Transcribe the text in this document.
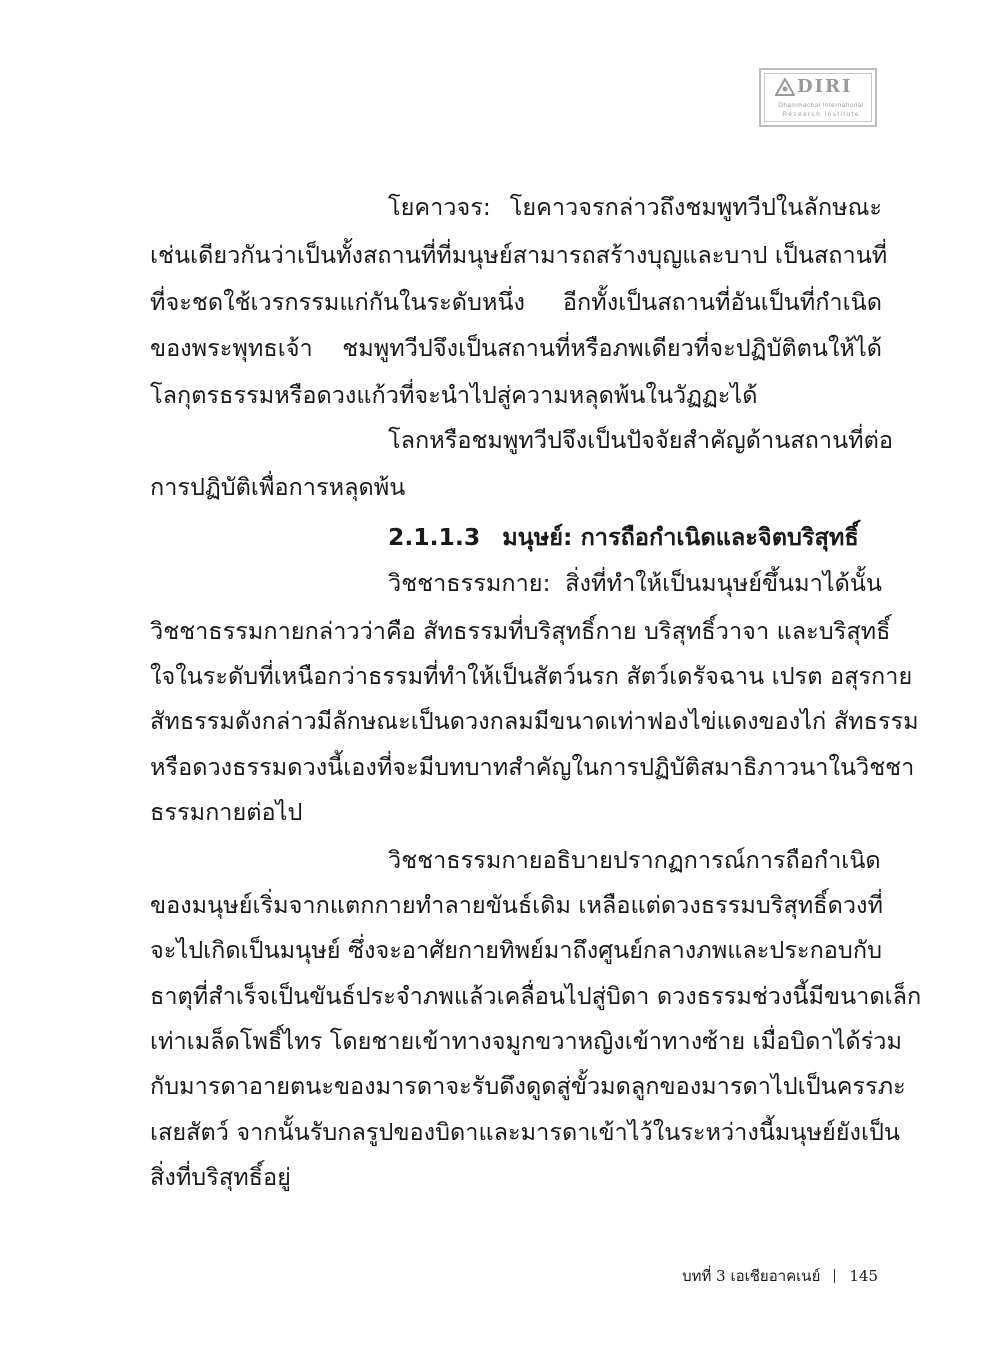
DIRI
Dhammachai International
Research Institute
โยคาวจร: โยคาวจรกล่าวถึงชมพูทวีปในลักษณะ
เช่นเดียวกันว่าเป็นทั้งสถานที่ที่มนุษย์สามารถสร้างบุญและบาป เป็นสถานที่
ที่จะชดใช้เวรกรรมแก่กันในระดับหนึ่ง อีกทั้งเป็นสถานที่อันเป็นที่กำเนิด
ของพระพุทธเจ้า ชมพูทวีปจึงเป็นสถานที่หรือภพเดียวที่จะปฏิบัติตนให้ได้
โลกุตรธรรมหรือดวงแก้วที่จะนำไปสู่ความหลุดพ้นในวัฏฏะได้
โลกหรือชมพูทวีปจึงเป็นปัจจัยสำคัญด้านสถานที่ต่อ
การปฏิบัติเพื่อการหลุดพ้น
2.1.1.3 มนุษย์: การถือกำเนิดและจิตบริสุทธิ์
วิชชาธรรมกาย: สิ่งที่ทำให้เป็นมนุษย์ขึ้นมาได้นั้น
วิชชาธรรมกายกล่าวว่าคือ สัทธรรมที่บริสุทธิ์กาย บริสุทธิ์วาจา และบริสุทธิ์
ใจในระดับที่เหนือกว่าธรรมที่ทำให้เป็นสัตว์นรก สัตว์เดรัจฉาน เปรต อสุรกาย
สัทธรรมดังกล่าวมีลักษณะเป็นดวงกลมมีขนาดเท่าฟองไข่แดงของไก่ สัทธรรม
หรือดวงธรรมดวงนี้เองที่จะมีบทบาทสำคัญในการปฏิบัติสมาธิภาวนาในวิชชา
ธรรมกายต่อไป
วิชชาธรรมกายอธิบายปรากฏการณ์การถือกำเนิด
ของมนุษย์เริ่มจากแตกกายทำลายขันธ์เดิม เหลือแต่ดวงธรรมบริสุทธิ์ดวงที่
จะไปเกิดเป็นมนุษย์ ซึ่งจะอาศัยกายทิพย์มาถึงศูนย์กลางภพและประกอบกับ
ธาตุที่สำเร็จเป็นขันธ์ประจำภพแล้วเคลื่อนไปสู่บิดา ดวงธรรมช่วงนี้มีขนาดเล็ก
เท่าเมล็ดโพธิ์ไทร โดยชายเข้าทางจมูกขวาหญิงเข้าทางซ้าย เมื่อบิดาได้ร่วม
กับมารดาอายตนะของมารดาจะรับดึงดูดสู่ขั้วมดลูกของมารดาไปเป็นครรภะ
เสยสัตว์ จากนั้นรับกลรูปของบิดาและมารดาเข้าไว้ในระหว่างนี้มนุษย์ยังเป็น
สิ่งที่บริสุทธิ์อยู่
บทที่ 3 เอเชียอาคเนย์ 145
